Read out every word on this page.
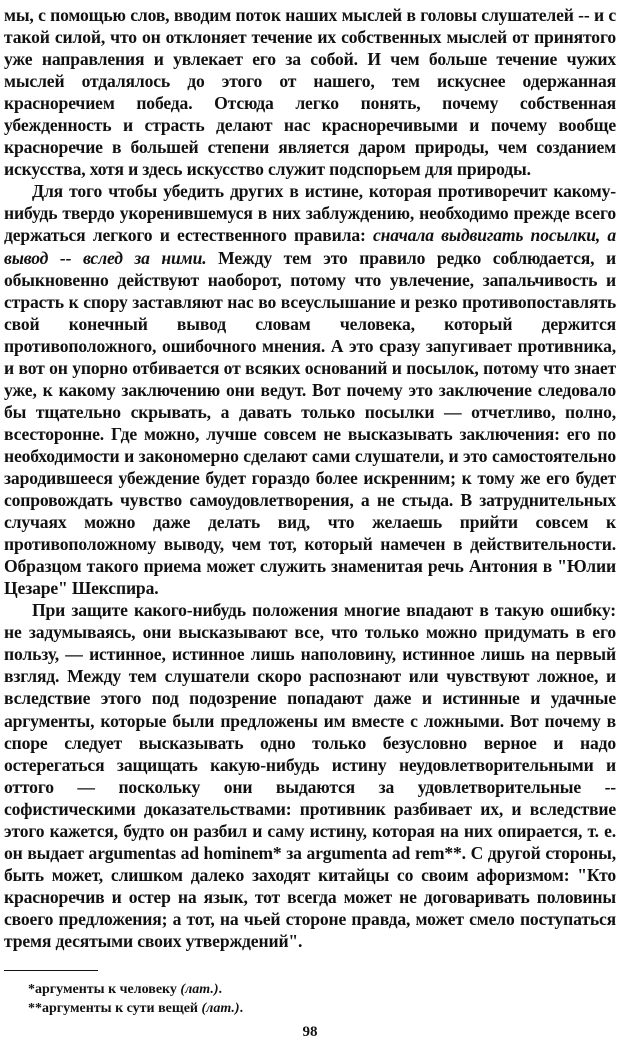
мы, с помощью слов, вводим поток наших мыслей в головы слушателей -- и с такой силой, что он отклоняет течение их собственных мыслей от принятого уже направления и увлекает его за собой. И чем больше течение чужих мыслей отдалялось до этого от нашего, тем искуснее одержанная красноречием победа. Отсюда легко понять, почему собственная убежденность и страсть делают нас красноречивыми и почему вообще красноречие в большей степени является даром природы, чем созданием искусства, хотя и здесь искусство служит подспорьем для природы.

Для того чтобы убедить других в истине, которая противоречит какому-нибудь твердо укоренившемуся в них заблуждению, необходимо прежде всего держаться легкого и естественного правила: сначала выдвигать посылки, а вывод -- вслед за ними. Между тем это правило редко соблюдается, и обыкновенно действуют наоборот, потому что увлечение, запальчивость и страсть к спору заставляют нас во всеуслышание и резко противопоставлять свой конечный вывод словам человека, который держится противоположного, ошибочного мнения. А это сразу запугивает противника, и вот он упорно отбивается от всяких оснований и посылок, потому что знает уже, к какому заключению они ведут. Вот почему это заключение следовало бы тщательно скрывать, а давать только посылки — отчетливо, полно, всесторонне. Где можно, лучше совсем не высказывать заключения: его по необходимости и закономерно сделают сами слушатели, и это самостоятельно зародившееся убеждение будет гораздо более искренним; к тому же его будет сопровождать чувство самоудовлетворения, а не стыда. В затруднительных случаях можно даже делать вид, что желаешь прийти совсем к противоположному выводу, чем тот, который намечен в действительности. Образцом такого приема может служить знаменитая речь Антония в "Юлии Цезаре" Шекспира.

При защите какого-нибудь положения многие впадают в такую ошибку: не задумываясь, они высказывают все, что только можно придумать в его пользу, — истинное, истинное лишь наполовину, истинное лишь на первый взгляд. Между тем слушатели скоро распознают или чувствуют ложное, и вследствие этого под подозрение попадают даже и истинные и удачные аргументы, которые были предложены им вместе с ложными. Вот почему в споре следует высказывать одно только безусловно верное и надо остерегаться защищать какую-нибудь истину неудовлетворительными и оттого — поскольку они выдаются за удовлетворительные -- софистическими доказательствами: противник разбивает их, и вследствие этого кажется, будто он разбил и саму истину, которая на них опирается, т. е. он выдает argumentas ad hominem* за argumenta ad rem**. С другой стороны, быть может, слишком далеко заходят китайцы со своим афоризмом: "Кто красноречив и остер на язык, тот всегда может не договаривать половины своего предложения; а тот, на чьей стороне правда, может смело поступаться тремя десятыми своих утверждений".

*аргументы к человеку (лат.).
**аргументы к сути вещей (лат.).
98
